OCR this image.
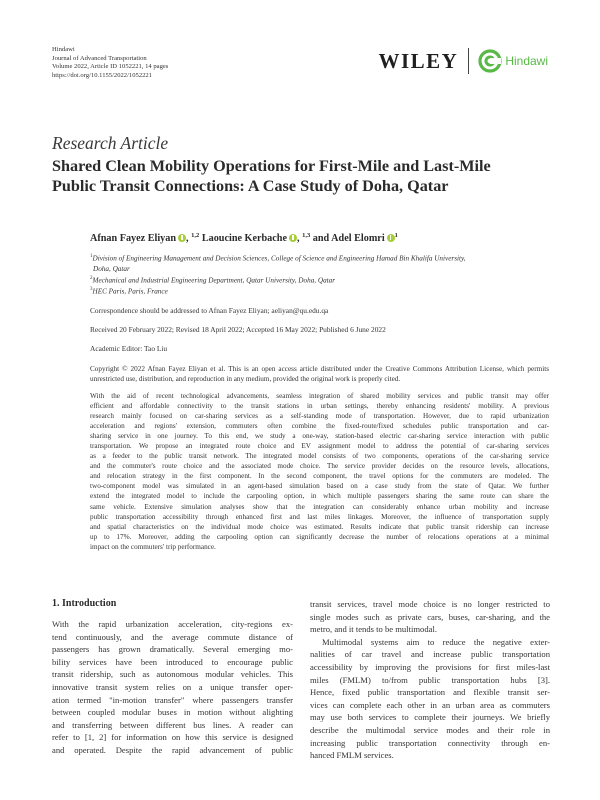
Hindawi
Journal of Advanced Transportation
Volume 2022, Article ID 1052221, 14 pages
https://doi.org/10.1155/2022/1052221
WILEY	Hindawi
Research Article
Shared Clean Mobility Operations for First-Mile and Last-Mile
Public Transit Connections: A Case Study of Doha, Qatar
Afnan Fayez Eliyan , $^{1,2}$ Laoucine Kerbache , $^{1,3}$ and Adel Elomri $^1$
$^1$Division of Engineering Management and Decision Sciences, College of Science and Engineering Hamad Bin Khalifa University,
Doha, Qatar
$^2$Mechanical and Industrial Engineering Department, Qatar University, Doha, Qatar
$^3$HEC Paris, Paris, France
Correspondence should be addressed to Afnan Fayez Eliyan; aeliyan@qu.edu.qa
Received 20 February 2022; Revised 18 April 2022; Accepted 16 May 2022; Published 6 June 2022
Academic Editor: Tao Liu
Copyright © 2022 Afnan Fayez Eliyan et al. This is an open access article distributed under the Creative Commons Attribution License, which permits unrestricted use, distribution, and reproduction in any medium, provided the original work is properly cited.
With the aid of recent technological advancements, seamless integration of shared mobility services and public transit may offer
efficient and affordable connectivity to the transit stations in urban settings, thereby enhancing residents' mobility. A previous
research mainly focused on car-sharing services as a self-standing mode of transportation. However, due to rapid urbanization
acceleration and regions' extension, commuters often combine the fixed-route/fixed schedules public transportation and car-
sharing service in one journey. To this end, we study a one-way, station-based electric car-sharing service interaction with public
transportation. We propose an integrated route choice and EV assignment model to address the potential of car-sharing services
as a feeder to the public transit network. The integrated model consists of two components, operations of the car-sharing service
and the commuter's route choice and the associated mode choice. The service provider decides on the resource levels, allocations,
and relocation strategy in the first component. In the second component, the travel options for the commuters are modeled. The
two-component model was simulated in an agent-based simulation based on a case study from the state of Qatar. We further
extend the integrated model to include the carpooling option, in which multiple passengers sharing the same route can share the
same vehicle. Extensive simulation analyses show that the integration can considerably enhance urban mobility and increase
public transportation accessibility through enhanced first and last miles linkages. Moreover, the influence of transportation supply
and spatial characteristics on the individual mode choice was estimated. Results indicate that public transit ridership can increase
up to 17%. Moreover, adding the carpooling option can significantly decrease the number of relocations operations at a minimal
impact on the commuters' trip performance.
1. Introduction
With the rapid urbanization acceleration, city-regions ex-
tend continuously, and the average commute distance of
passengers has grown dramatically. Several emerging mo-
bility services have been introduced to encourage public
transit ridership, such as autonomous modular vehicles. This
innovative transit system relies on a unique transfer oper-
ation termed "in-motion transfer" where passengers transfer
between coupled modular buses in motion without alighting
and transferring between different bus lines. A reader can
refer to [1, 2] for information on how this service is designed
and operated. Despite the rapid advancement of public
transit services, travel mode choice is no longer restricted to
single modes such as private cars, buses, car-sharing, and the
metro, and it tends to be multimodal.
Multimodal systems aim to reduce the negative exter-
nalities of car travel and increase public transportation
accessibility by improving the provisions for first miles-last
miles (FMLM) to/from public transportation hubs [3].
Hence, fixed public transportation and flexible transit ser-
vices can complete each other in an urban area as commuters
may use both services to complete their journeys. We briefly
describe the multimodal service modes and their role in
increasing public transportation connectivity through en-
hanced FMLM services.
